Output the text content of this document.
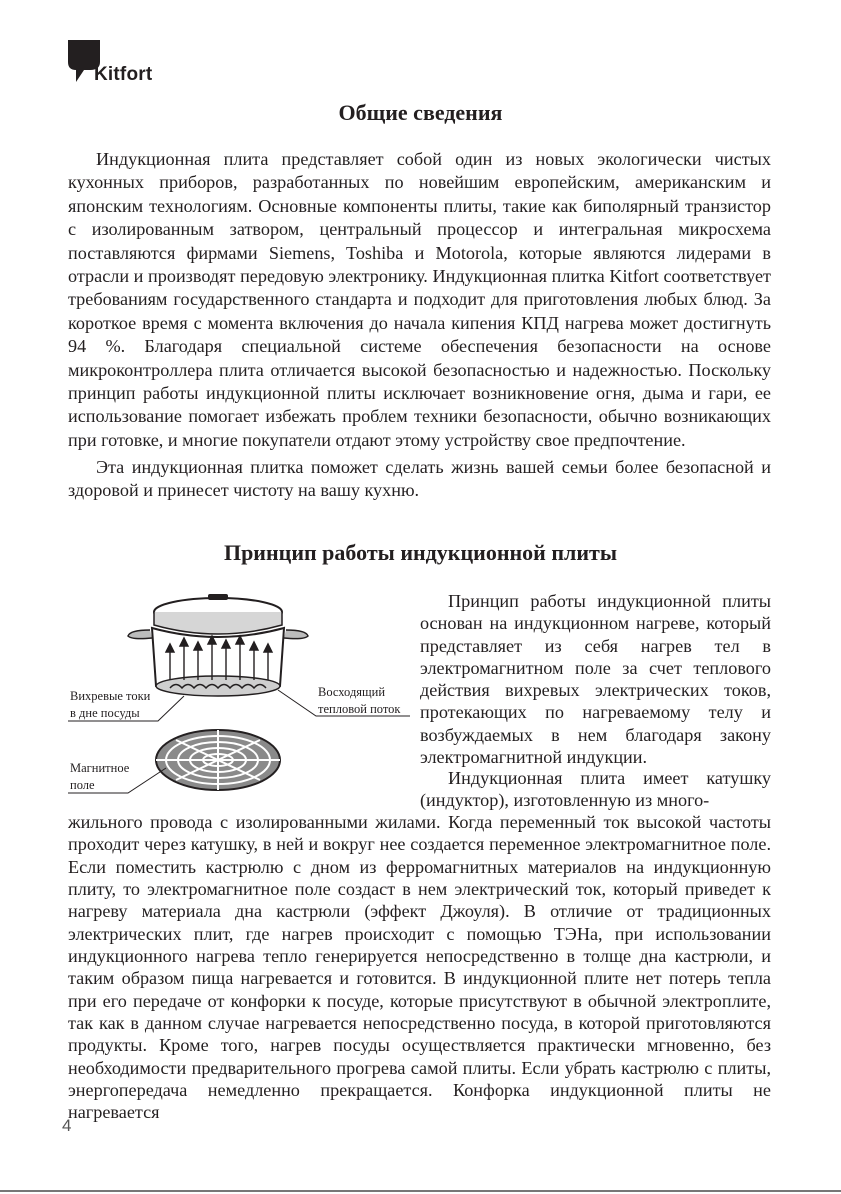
Kitfort
Общие сведения

Индукционная плита представляет собой один из новых экологически чистых кухонных приборов, разработанных по новейшим европейским, американским и японским технологиям. Основные компоненты плиты, такие как биполярный транзистор с изолированным затвором, центральный процессор и интегральная микросхема поставляются фирмами Siemens, Toshiba и Motorola, которые являются лидерами в отрасли и производят передовую электронику. Индукционная плитка Kitfort соответствует требованиям государственного стандарта и подходит для приготовления любых блюд. За короткое время с момента включения до начала кипения КПД нагрева может достигнуть 94 %. Благодаря специальной системе обеспечения безопасности на основе микроконтроллера плита отличается высокой безопасностью и надежностью. Поскольку принцип работы индукционной плиты исключает возникновение огня, дыма и гари, ее использование помогает избежать проблем техники безопасности, обычно возникающих при готовке, и многие покупатели отдают этому устройству свое предпочтение.

Эта индукционная плитка поможет сделать жизнь вашей семьи более безопасной и здоровой и принесет чистоту на вашу кухню.

Принцип работы индукционной плиты
Вихревые токи
в дне посуды
Восходящий
тепловой поток
Магнитное
поле

Принцип работы индукционной плиты основан на индукционном нагреве, который представляет из себя нагрев тел в электромагнитном поле за счет теплового действия вихревых электрических токов, протекающих по нагреваемому телу и возбуждаемых в нем благодаря закону электромагнитной индукции.

Индукционная плита имеет катушку (индуктор), изготовленную из много-

жильного провода с изолированными жилами. Когда переменный ток высокой частоты проходит через катушку, в ней и вокруг нее создается переменное электромагнитное поле. Если поместить кастрюлю с дном из ферромагнитных материалов на индукционную плиту, то электромагнитное поле создаст в нем электрический ток, который приведет к нагреву материала дна кастрюли (эффект Джоуля). В отличие от традиционных электрических плит, где нагрев происходит с помощью ТЭНа, при использовании индукционного нагрева тепло генерируется непосредственно в толще дна кастрюли, и таким образом пища нагревается и готовится. В индукционной плите нет потерь тепла при его передаче от конфорки к посуде, которые присутствуют в обычной электроплите, так как в данном случае нагревается непосредственно посуда, в которой приготовляются продукты. Кроме того, нагрев посуды осуществляется практически мгновенно, без необходимости предварительного прогрева самой плиты. Если убрать кастрюлю с плиты, энергопередача немедленно прекращается. Конфорка индукционной плиты не нагревается

4
